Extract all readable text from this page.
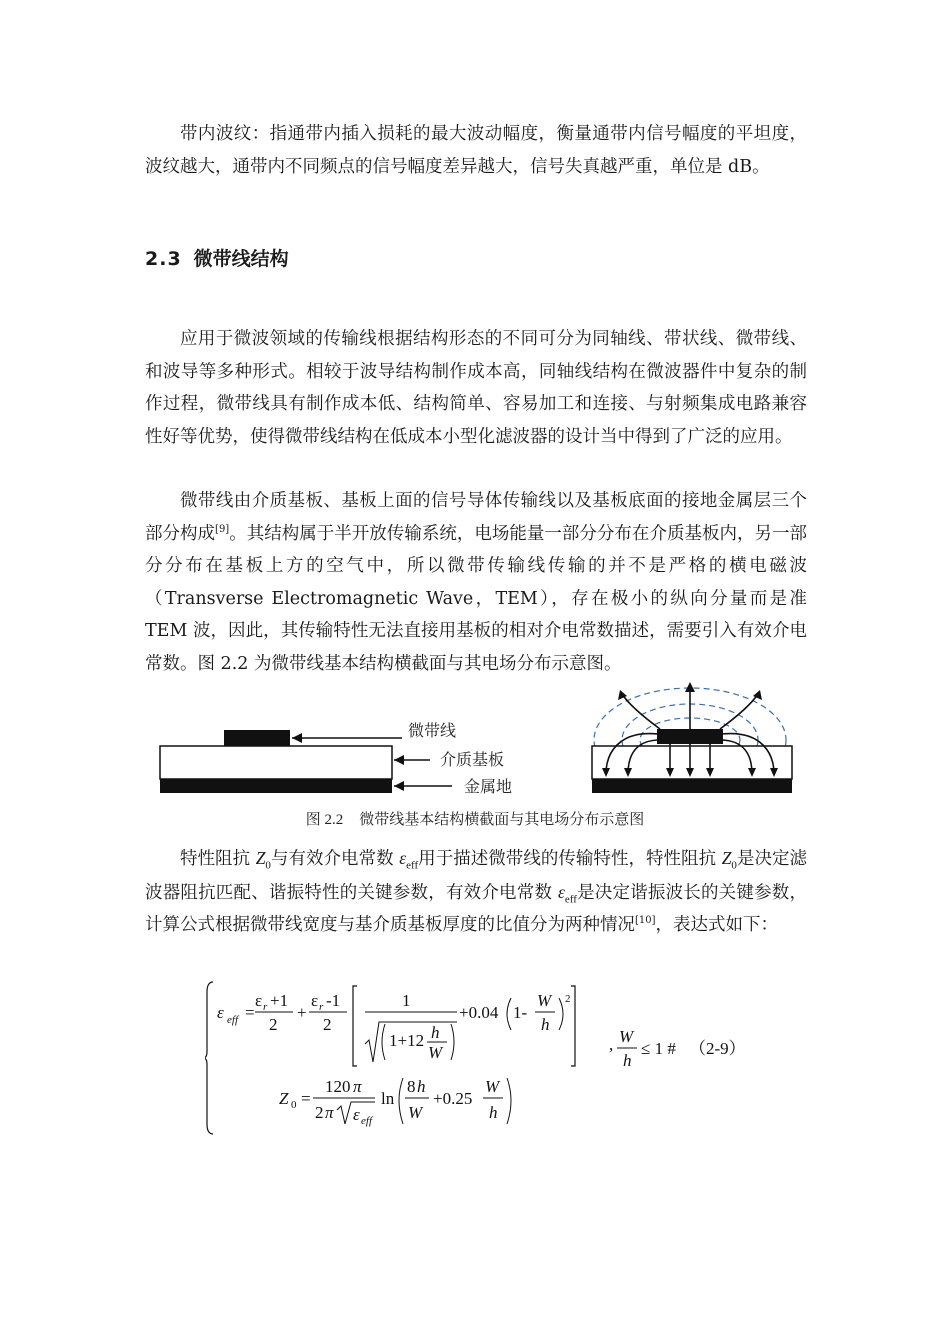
带内波纹：指通带内插入损耗的最大波动幅度，衡量通带内信号幅度的平坦度，波纹越大，通带内不同频点的信号幅度差异越大，信号失真越严重，单位是 dB。

2.3 微带线结构

应用于微波领域的传输线根据结构形态的不同可分为同轴线、带状线、微带线、和波导等多种形式。相较于波导结构制作成本高，同轴线结构在微波器件中复杂的制作过程，微带线具有制作成本低、结构简单、容易加工和连接、与射频集成电路兼容性好等优势，使得微带线结构在低成本小型化滤波器的设计当中得到了广泛的应用。

微带线由介质基板、基板上面的信号导体传输线以及基板底面的接地金属层三个部分构成[9]。其结构属于半开放传输系统，电场能量一部分分布在介质基板内，另一部分分布在基板上方的空气中，所以微带传输线传输的并不是严格的横电磁波（Transverse Electromagnetic Wave，TEM），存在极小的纵向分量而是准 TEM 波，因此，其传输特性无法直接用基板的相对介电常数描述，需要引入有效介电常数。图 2.2 为微带线基本结构横截面与其电场分布示意图。

微带线
介质基板
金属地
图 2.2 微带线基本结构横截面与其电场分布示意图

特性阻抗 $Z_0$与有效介电常数 $\varepsilon_{eff}$用于描述微带线的传输特性，特性阻抗 $Z_0$是决定滤波器阻抗匹配、谐振特性的关键参数，有效介电常数 $\varepsilon_{eff}$是决定谐振波长的关键参数，计算公式根据微带线宽度与基介质基板厚度的比值分为两种情况[10]，表达式如下：

ε eff =
ε r +1
2
+
ε r -1
2
1
1+12 h
W
+0.04 1-
W
h
2
, W
h
≤ 1 # （2-9）
Z 0 =
120 π
2 π ε eff
ln
8 h
W
+0.25
W
h
